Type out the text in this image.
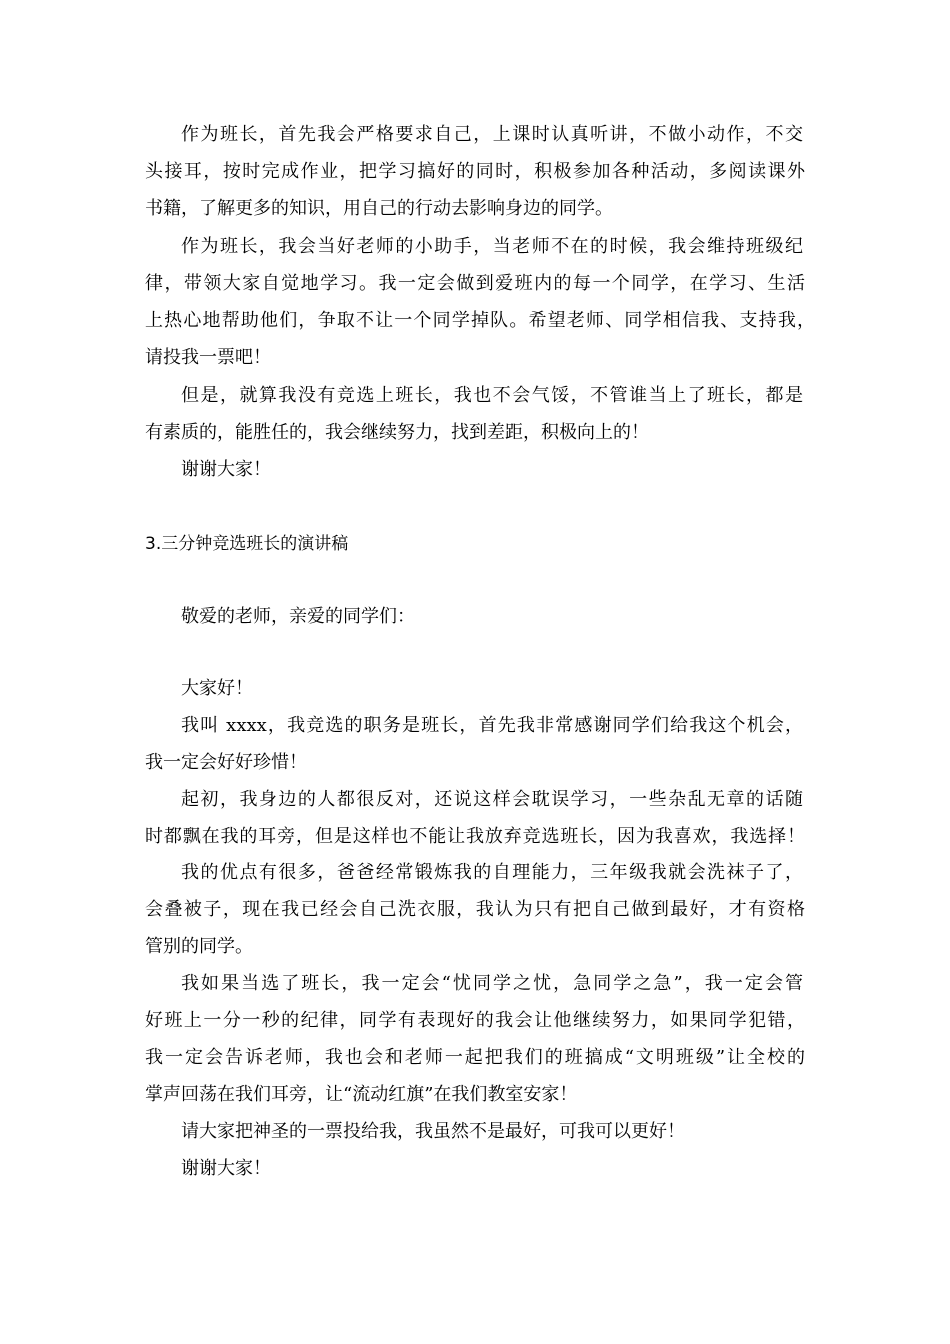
作为班长，首先我会严格要求自己，上课时认真听讲，不做小动作，不交
头接耳，按时完成作业，把学习搞好的同时，积极参加各种活动，多阅读课外
书籍，了解更多的知识，用自己的行动去影响身边的同学。
作为班长，我会当好老师的小助手，当老师不在的时候，我会维持班级纪
律，带领大家自觉地学习。我一定会做到爱班内的每一个同学，在学习、生活
上热心地帮助他们，争取不让一个同学掉队。希望老师、同学相信我、支持我，
请投我一票吧！
但是，就算我没有竞选上班长，我也不会气馁，不管谁当上了班长，都是
有素质的，能胜任的，我会继续努力，找到差距，积极向上的！
谢谢大家！
3.三分钟竞选班长的演讲稿
敬爱的老师，亲爱的同学们：
大家好！
我叫 xxxx，我竞选的职务是班长，首先我非常感谢同学们给我这个机会，
我一定会好好珍惜！
起初，我身边的人都很反对，还说这样会耽误学习，一些杂乱无章的话随
时都飘在我的耳旁，但是这样也不能让我放弃竞选班长，因为我喜欢，我选择！
我的优点有很多，爸爸经常锻炼我的自理能力，三年级我就会洗袜子了，
会叠被子，现在我已经会自己洗衣服，我认为只有把自己做到最好，才有资格
管别的同学。
我如果当选了班长，我一定会“忧同学之忧，急同学之急”，我一定会管
好班上一分一秒的纪律，同学有表现好的我会让他继续努力，如果同学犯错，
我一定会告诉老师，我也会和老师一起把我们的班搞成“文明班级”让全校的
掌声回荡在我们耳旁，让“流动红旗”在我们教室安家！
请大家把神圣的一票投给我，我虽然不是最好，可我可以更好！
谢谢大家！
